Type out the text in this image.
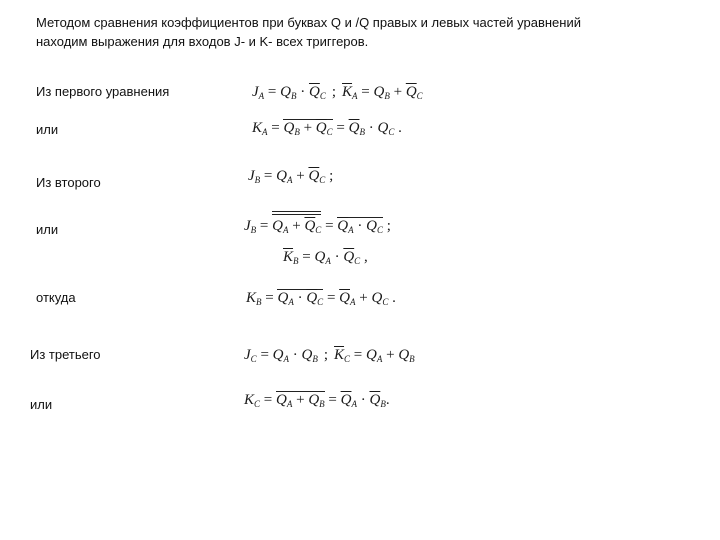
Методом сравнения коэффициентов при буквах Q и /Q правых и левых частей уравнений
находим выражения для входов J- и K- всех триггеров.
Из первого уравнения
или
Из второго
или
откуда
Из третьего
или
$J_A = Q_B \cdot \overline{Q}_C$ ; $\overline{K}_A = Q_B + \overline{Q}_C$
$K_A = Q_B + \overline{Q}_C = \overline{Q}_B \cdot Q_C$ .
$J_B = Q_A + \overline{Q}_C$ ;
$J_B = Q_A + \overline{Q}_C = \overline{Q}_A \cdot Q_C$ ;
$\overline{K}_B = Q_A \cdot \overline{Q}_C$ ,
$K_B = Q_A \cdot \overline{Q}_C = \overline{Q}_A + Q_C$ .
$J_C = Q_A \cdot Q_B$ ; $\overline{K}_C = Q_A + Q_B$
$K_C = Q_A + Q_B = \overline{Q}_A \cdot \overline{Q}_B$.
